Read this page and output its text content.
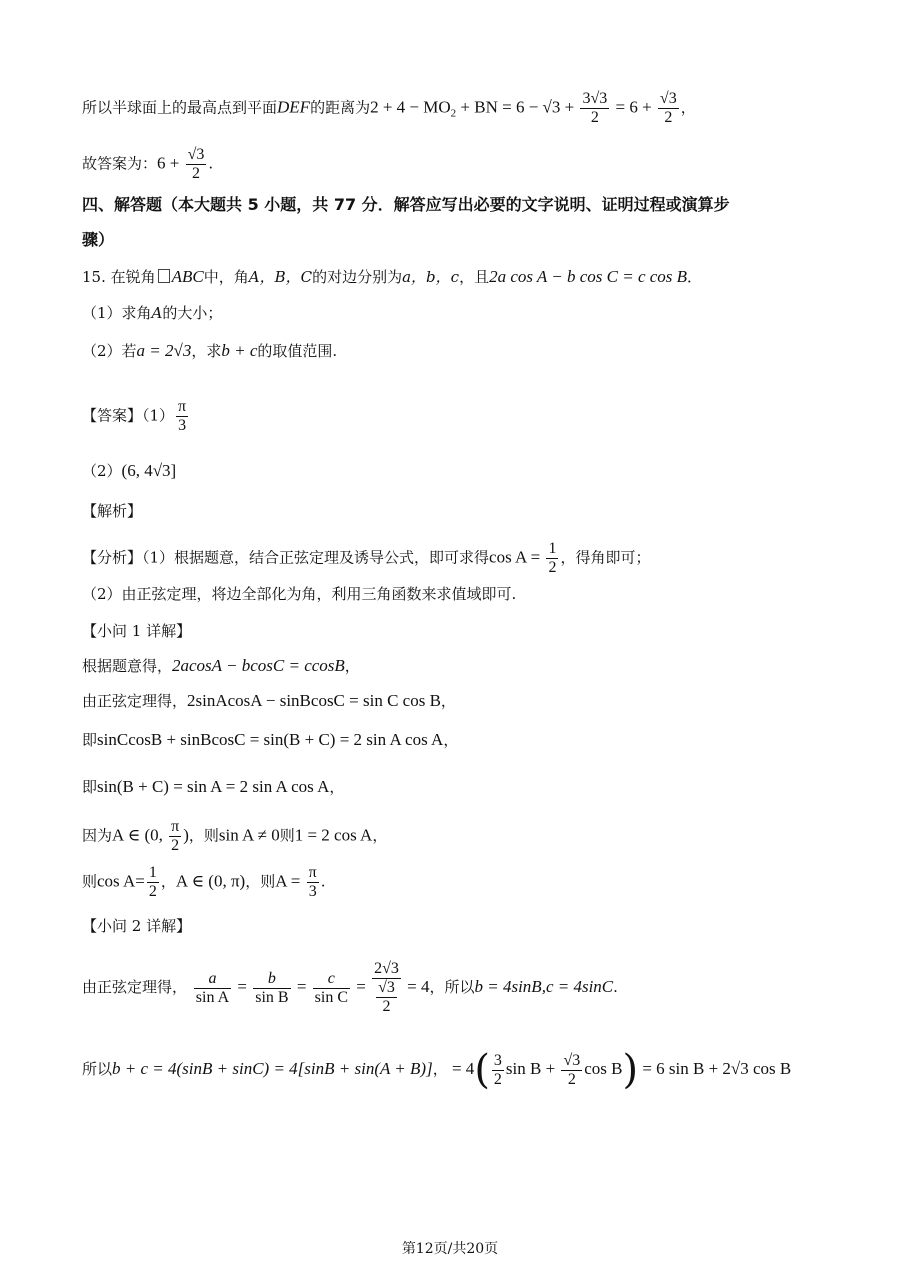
所以半球面上的最高点到平面DEF的距离为$2 + 4 - MO_2$ + BN = $6 - √3 + \frac{3√3}{2} = 6 + \frac{√3}{2}$ ，
故答案为：$6 + \frac{√3}{2}$ .
四、解答题（本大题共 5 小题，共 77 分．解答应写出必要的文字说明、证明过程或演算步
骤）
15. 在锐角 ABC中，角A，B，C的对边分别为a，b，c，且2a cos A − b cos C = c cos B．
（1）求角A的大小；
（2）若a = 2√3，求b + c的取值范围.
【答案】$(1) \frac{\pi}{3}$
（2）(6, 4√3]
【解析】
【分析】（1）根据题意，结合正弦定理及诱导公式，即可求得$\cos A = \frac{1}{2}$ ，得角即可；
（2）由正弦定理，将边全部化为角，利用三角函数来求值域即可.
【小问 1 详解】
根据题意得，2acosA − bcosC = ccosB，
由正弦定理得，2sinAcosA − sinBcosC = sin C cos B，
即sinCcosB + sinBcosC = sin(B + C) = 2 sin A cos A，
即sin(B + C) = sin A = 2 sin A cos A，
因为A ∈ (0, $\frac{\pi}{2}$ )，则sin A ≠ 0则1 = 2 cos A，
则$\cos A= \frac{1}{2}$ ，A ∈ (0, π)，则$A = \frac{\pi}{3}$ .
【小问 2 详解】
由正弦定理得， $\frac{a}{\text{sin A}} = \frac{b}{\text{sin B}} = \frac{c}{\text{sin C}} = \frac{2√3}{\frac{√3}{2}} = 4$，所以b = 4sinB,c = 4sinC.
所以b + c = 4(sinB + sinC) = 4[sinB + sin(A + B)]， = $4( \frac{3}{2}$ $\sin B + \frac{√3}{2}$ cos B) = 6 sin B + 2√3 cos B
第12页/共20页
